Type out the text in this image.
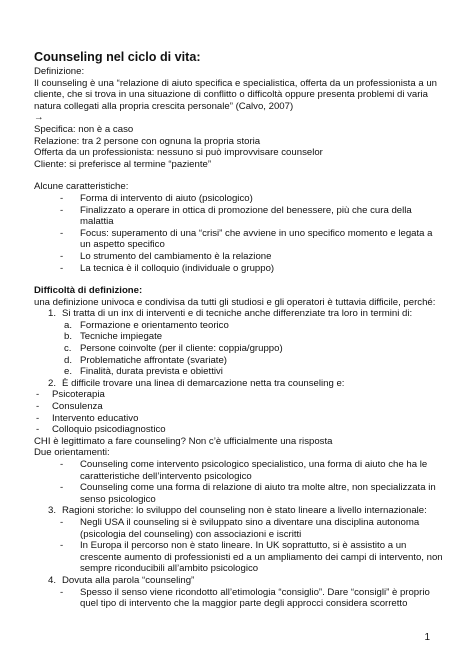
Counseling nel ciclo di vita:

Definizione:

Il counseling è una “relazione di aiuto specifica e specialistica, offerta da un professionista a un cliente, che si trova in una situazione di conflitto o difficoltà oppure presenta problemi di varia natura collegati alla propria crescita personale” (Calvo, 2007)

→

Specifica: non è a caso

Relazione: tra 2 persone con ognuna la propria storia

Offerta da un professionista: nessuno si può improvvisare counselor

Cliente: si preferisce al termine “paziente”

Alcune caratteristiche:

- Forma di intervento di aiuto (psicologico)
- Finalizzato a operare in ottica di promozione del benessere, più che cura della malattia
- Focus: superamento di una “crisi” che avviene in uno specifico momento e legata a un aspetto specifico
- Lo strumento del cambiamento è la relazione
- La tecnica è il colloquio (individuale o gruppo)

Difficoltà di definizione:

una definizione univoca e condivisa da tutti gli studiosi e gli operatori è tuttavia difficile, perché:

1. Si tratta di un inx di interventi e di tecniche anche differenziate tra loro in termini di:
a. Formazione e orientamento teorico
b. Tecniche impiegate
c. Persone coinvolte (per il cliente: coppia/gruppo)
d. Problematiche affrontate (svariate)
e. Finalità, durata prevista e obiettivi
2. È difficile trovare una linea di demarcazione netta tra counseling e:
- Psicoterapia
- Consulenza
- Intervento educativo
- Colloquio psicodiagnostico

CHI è legittimato a fare counseling? Non c’è ufficialmente una risposta

Due orientamenti:

- Counseling come intervento psicologico specialistico, una forma di aiuto che ha le caratteristiche dell’intervento psicologico
- Counseling come una forma di relazione di aiuto tra molte altre, non specializzata in senso psicologico
3. Ragioni storiche: lo sviluppo del counseling non è stato lineare a livello internazionale:
- Negli USA il counseling si è sviluppato sino a diventare una disciplina autonoma (psicologia del counseling) con associazioni e iscritti
- In Europa il percorso non è stato lineare. In UK soprattutto, si è assistito a un crescente aumento di professionisti ed a un ampliamento dei campi di intervento, non sempre riconducibili all’ambito psicologico
4. Dovuta alla parola “counseling”
- Spesso il senso viene ricondotto all’etimologia “consiglio”. Dare “consigli” è proprio quel tipo di intervento che la maggior parte degli approcci considera scorretto
1
